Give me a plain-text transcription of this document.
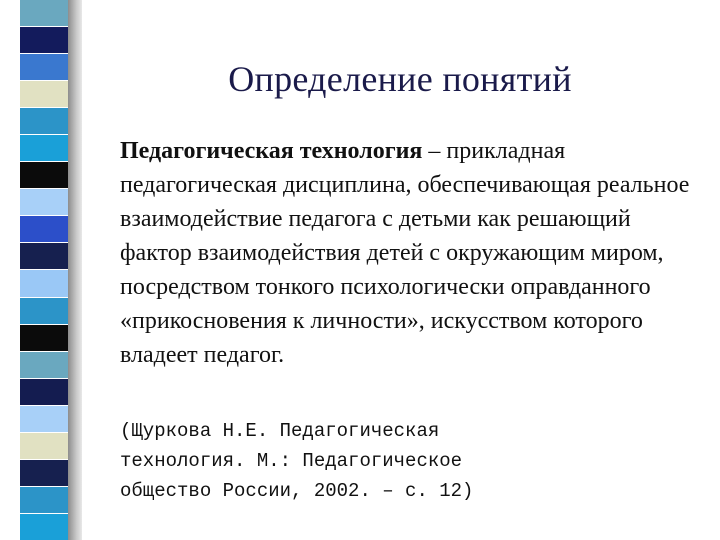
Определение понятий
Педагогическая технология – прикладная педагогическая дисциплина, обеспечивающая реальное взаимодействие педагога с детьми как решающий фактор взаимодействия детей с окружающим миром, посредством тонкого психологически оправданного «прикосновения к личности», искусством которого владеет педагог.
(Щуркова Н.Е. Педагогическая
технология. М.: Педагогическое
общество России, 2002. – с. 12)
